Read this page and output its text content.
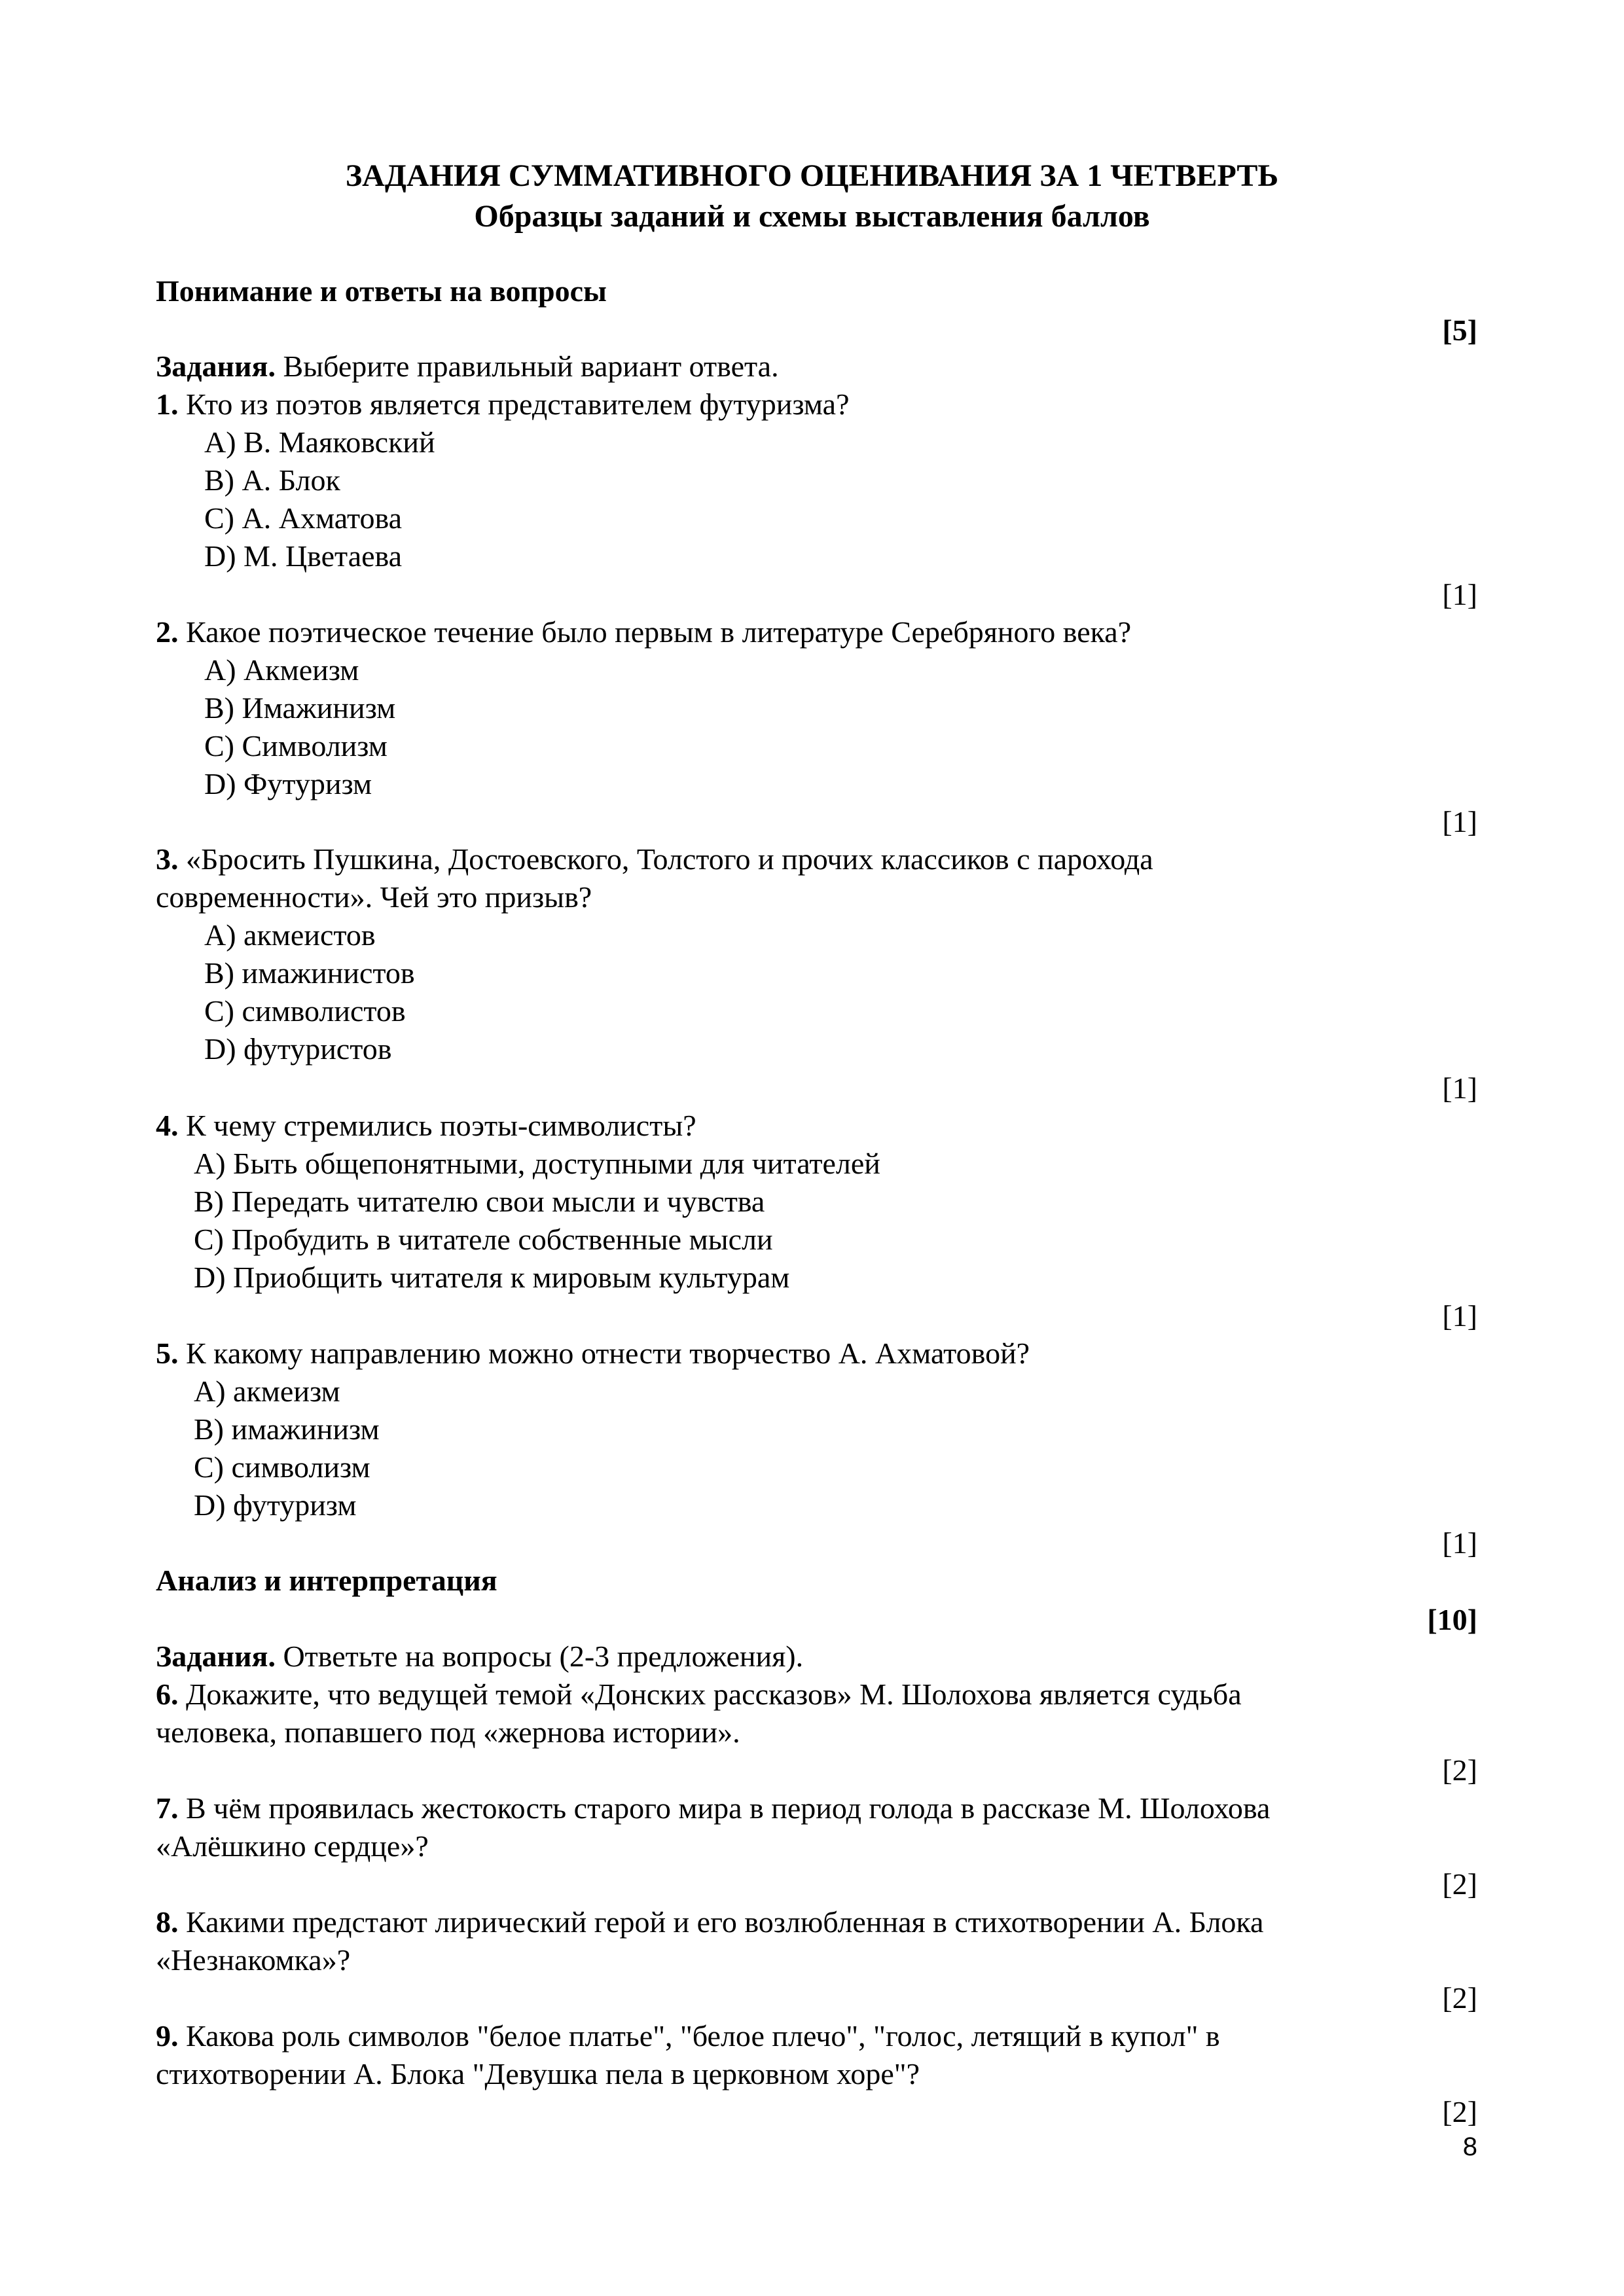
ЗАДАНИЯ СУММАТИВНОГО ОЦЕНИВАНИЯ ЗА 1 ЧЕТВЕРТЬ
Образцы заданий и схемы выставления баллов
Понимание и ответы на вопросы
[5]
Задания. Выберите правильный вариант ответа.
1. Кто из поэтов является представителем футуризма?
A) В. Маяковский
B) А. Блок
C) А. Ахматова
D) М. Цветаева
[1]
2. Какое поэтическое течение было первым в литературе Серебряного века?
A) Акмеизм
B) Имажинизм
C) Символизм
D) Футуризм
[1]
3. «Бросить Пушкина, Достоевского, Толстого и прочих классиков с парохода
современности». Чей это призыв?
A) акмеистов
B) имажинистов
C) символистов
D) футуристов
[1]
4. К чему стремились поэты-символисты?
A) Быть общепонятными, доступными для читателей
B) Передать читателю свои мысли и чувства
C) Пробудить в читателе собственные мысли
D) Приобщить читателя к мировым культурам
[1]
5. К какому направлению можно отнести творчество А. Ахматовой?
A) акмеизм
B) имажинизм
C) символизм
D) футуризм
[1]
Анализ и интерпретация
[10]
Задания. Ответьте на вопросы (2-3 предложения).
6. Докажите, что ведущей темой «Донских рассказов» М. Шолохова является судьба
человека, попавшего под «жернова истории».
[2]
7. В чём проявилась жестокость старого мира в период голода в рассказе М. Шолохова
«Алёшкино сердце»?
[2]
8. Какими предстают лирический герой и его возлюбленная в стихотворении А. Блока
«Незнакомка»?
[2]
9. Какова роль символов "белое платье", "белое плечо", "голос, летящий в купол" в
стихотворении А. Блока "Девушка пела в церковном хоре"?
[2]
8
